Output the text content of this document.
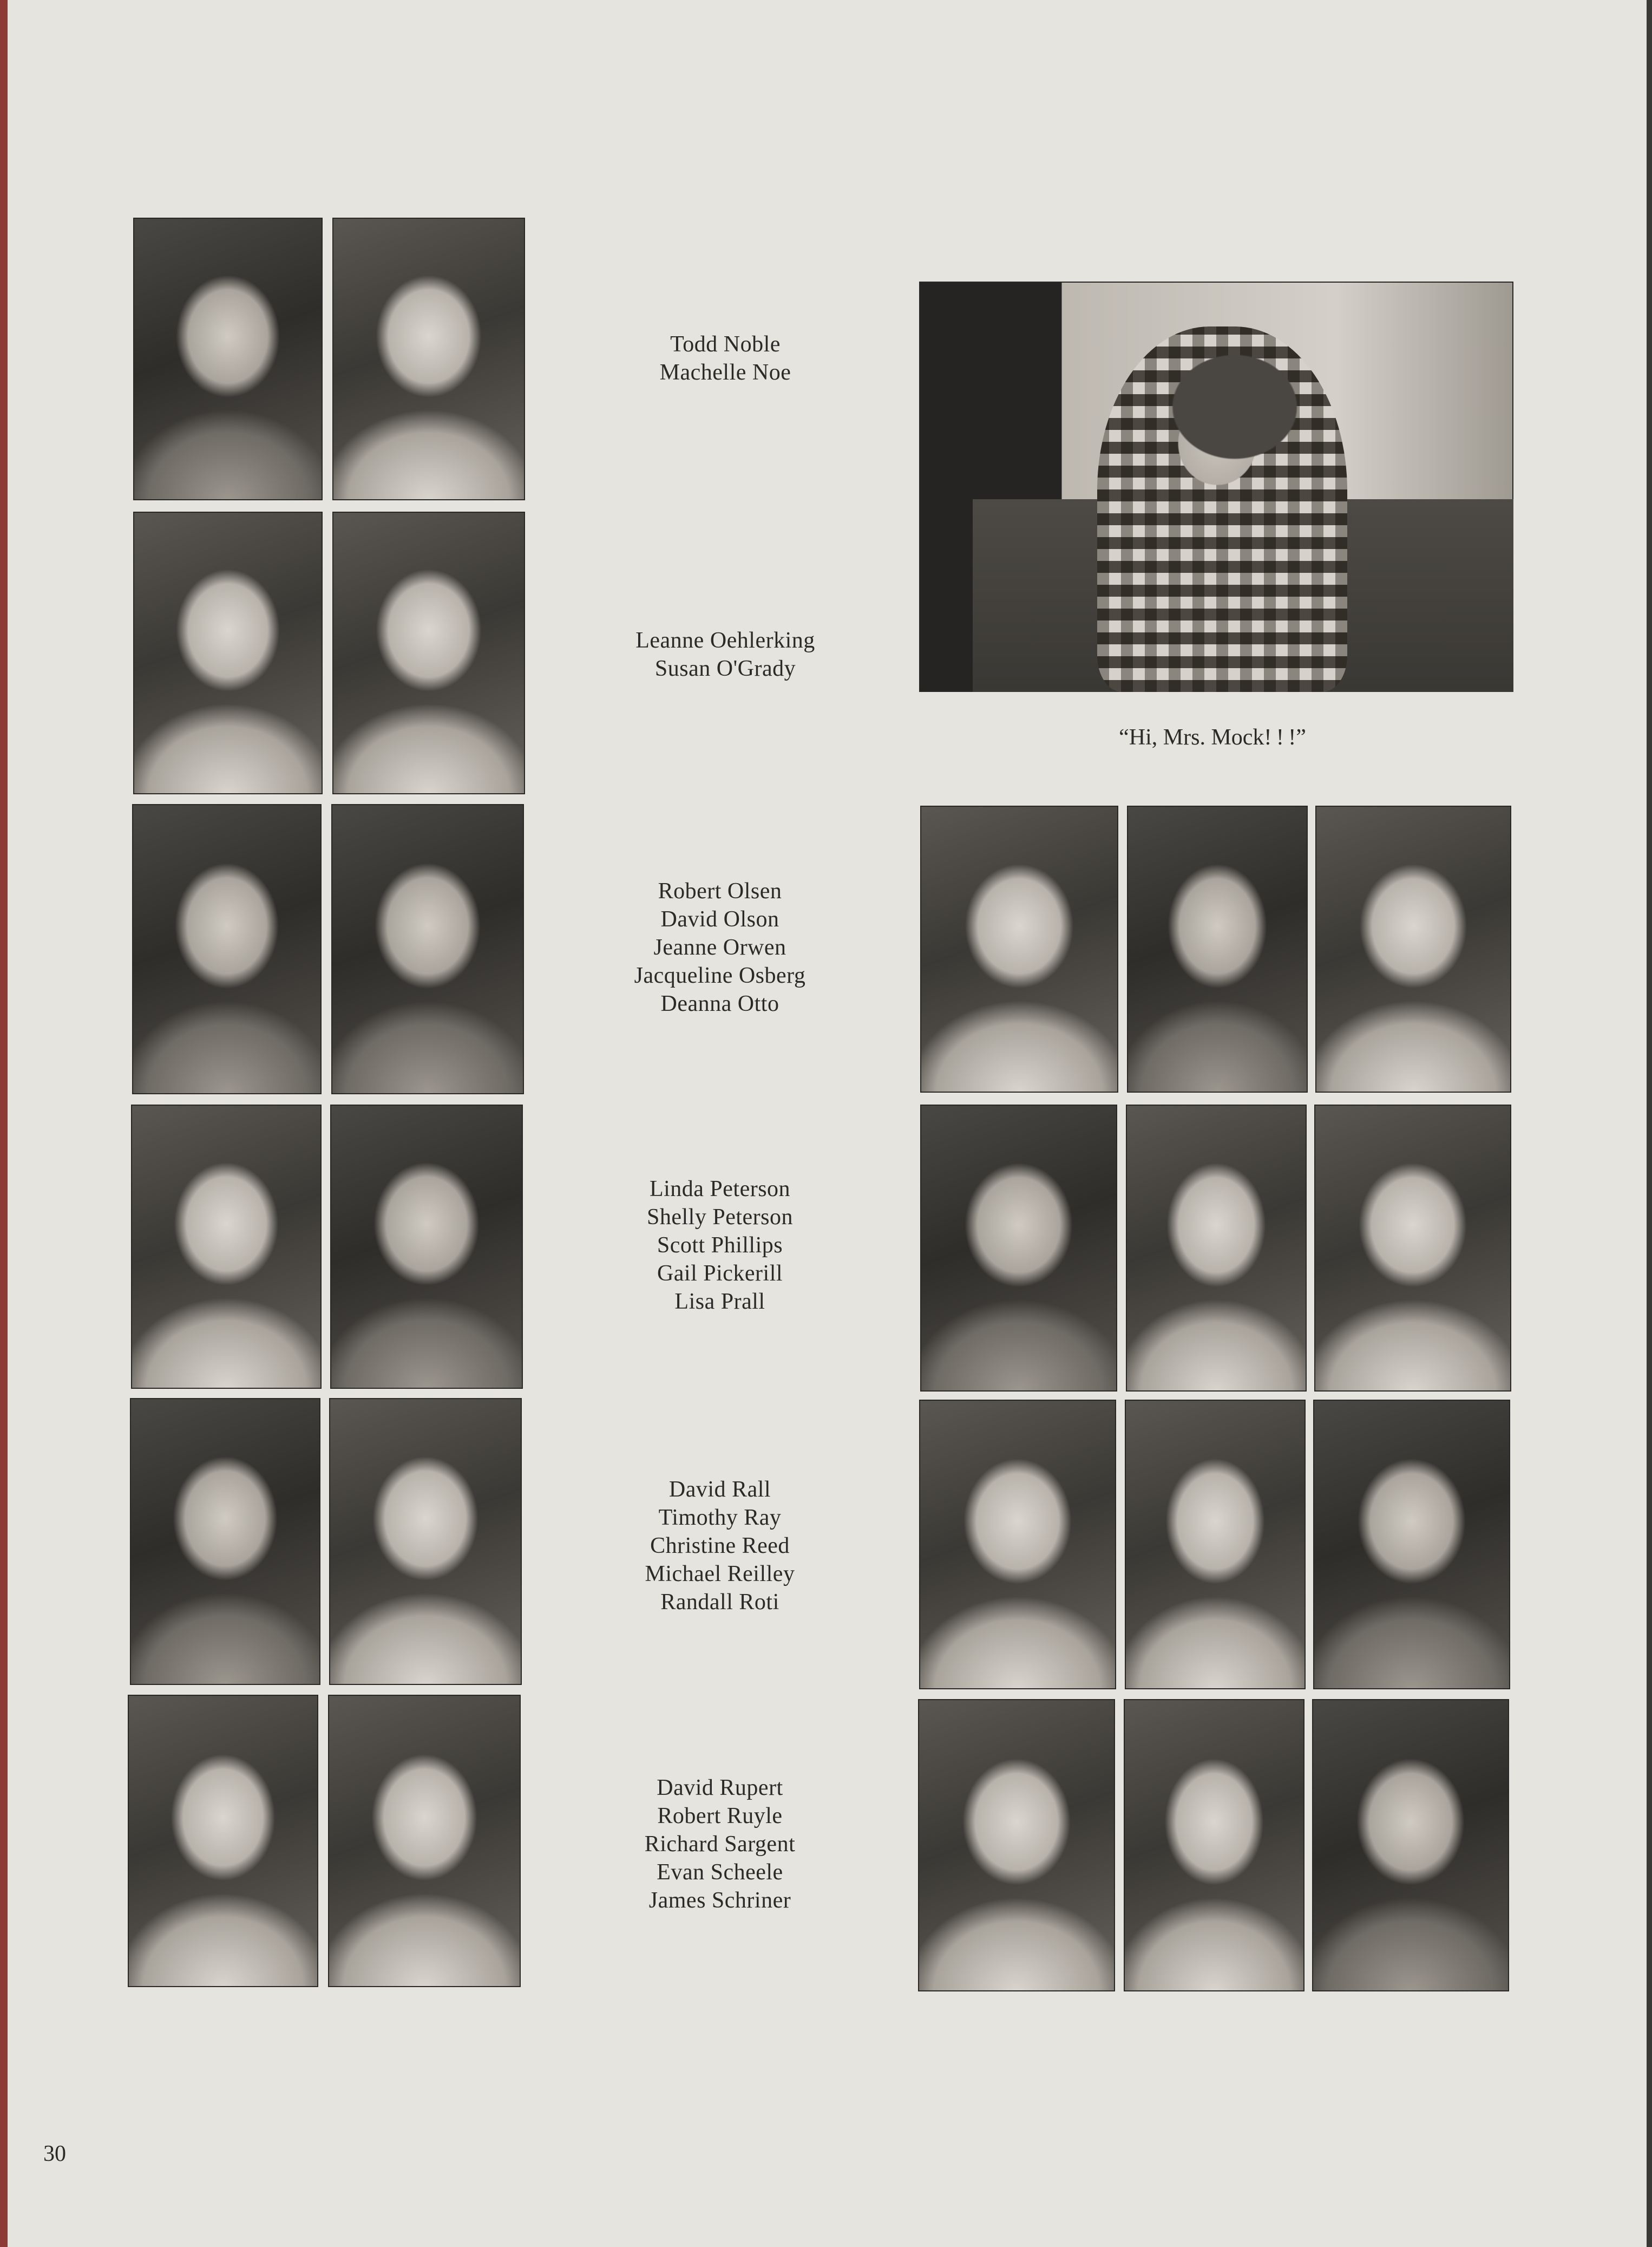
Todd Noble
Machelle Noe
Leanne Oehlerking
Susan O'Grady
Robert Olsen
David Olson
Jeanne Orwen
Jacqueline Osberg
Deanna Otto
Linda Peterson
Shelly Peterson
Scott Phillips
Gail Pickerill
Lisa Prall
David Rall
Timothy Ray
Christine Reed
Michael Reilley
Randall Roti
David Rupert
Robert Ruyle
Richard Sargent
Evan Scheele
James Schriner
“Hi, Mrs. Mock! ! !”
30
